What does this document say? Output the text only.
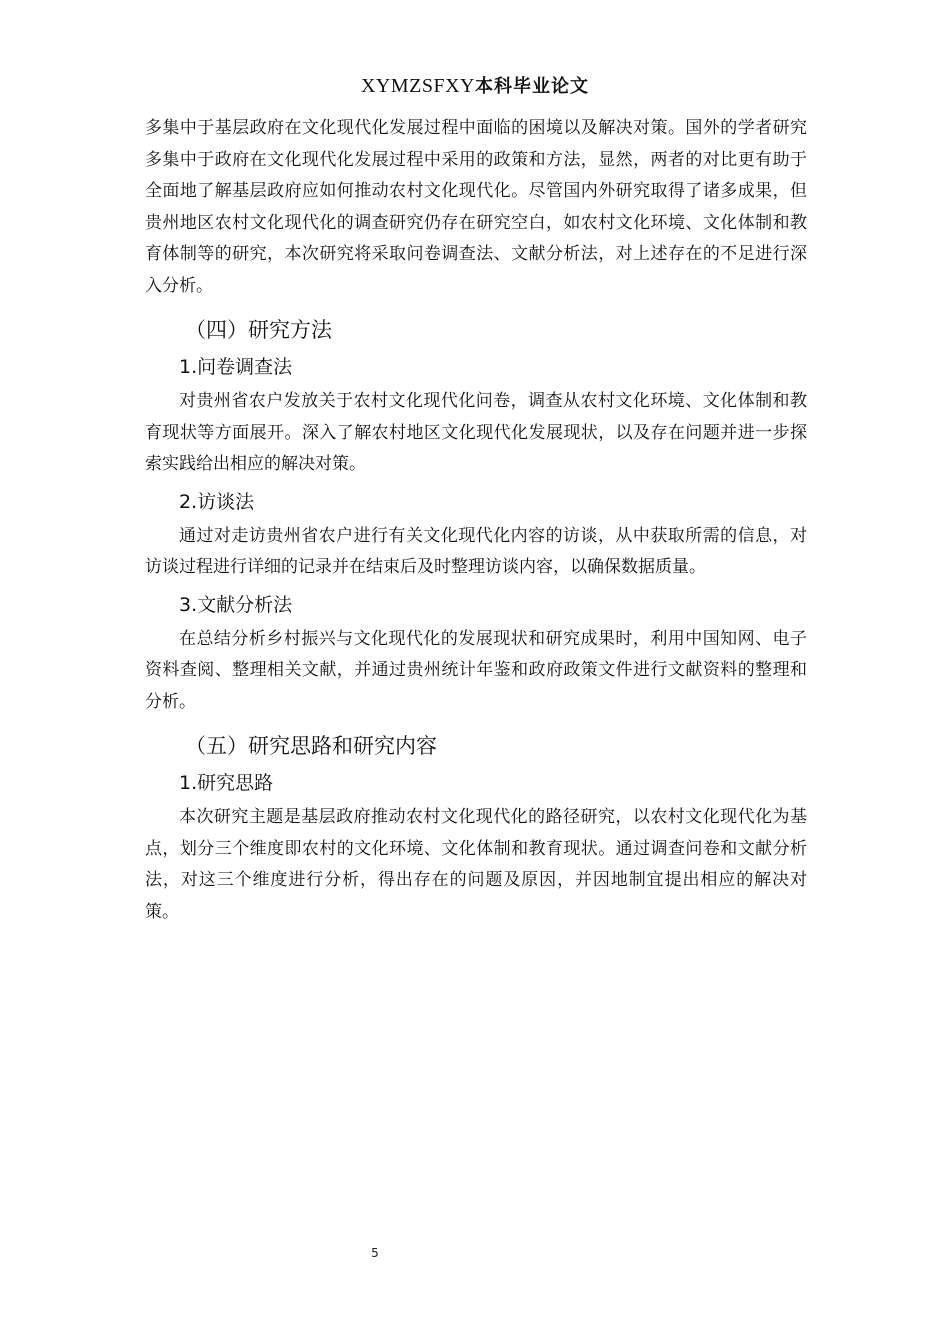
XYMZSFXY本科毕业论文

多集中于基层政府在文化现代化发展过程中面临的困境以及解决对策。国外的学者研究多集中于政府在文化现代化发展过程中采用的政策和方法，显然，两者的对比更有助于全面地了解基层政府应如何推动农村文化现代化。尽管国内外研究取得了诸多成果，但贵州地区农村文化现代化的调查研究仍存在研究空白，如农村文化环境、文化体制和教育体制等的研究，本次研究将采取问卷调查法、文献分析法，对上述存在的不足进行深入分析。

（四）研究方法
1.问卷调查法

对贵州省农户发放关于农村文化现代化问卷，调查从农村文化环境、文化体制和教育现状等方面展开。深入了解农村地区文化现代化发展现状，以及存在问题并进一步探索实践给出相应的解决对策。

2.访谈法

通过对走访贵州省农户进行有关文化现代化内容的访谈，从中获取所需的信息，对访谈过程进行详细的记录并在结束后及时整理访谈内容，以确保数据质量。

3.文献分析法

在总结分析乡村振兴与文化现代化的发展现状和研究成果时，利用中国知网、电子资料查阅、整理相关文献，并通过贵州统计年鉴和政府政策文件进行文献资料的整理和分析。

（五）研究思路和研究内容
1.研究思路

本次研究主题是基层政府推动农村文化现代化的路径研究，以农村文化现代化为基点，划分三个维度即农村的文化环境、文化体制和教育现状。通过调查问卷和文献分析法，对这三个维度进行分析，得出存在的问题及原因，并因地制宜提出相应的解决对策。

5
